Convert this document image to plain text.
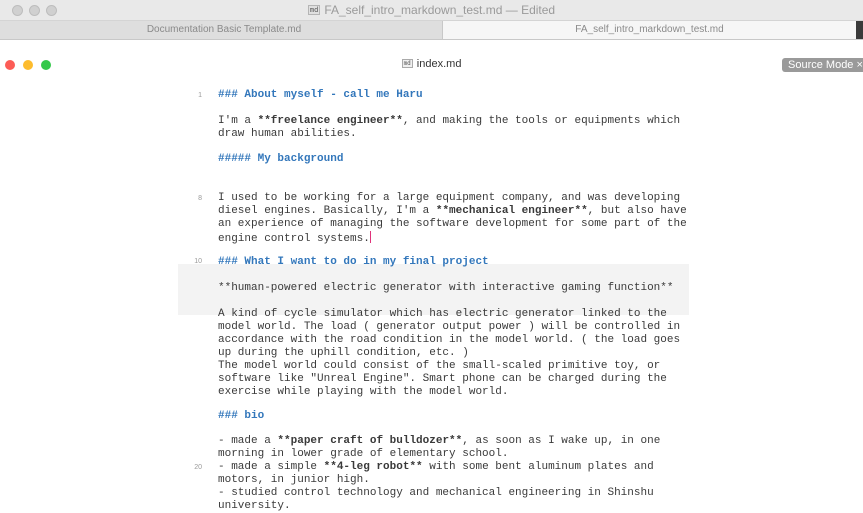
md FA_self_intro_markdown_test.md — Edited
Documentation Basic Template.md	FA_self_intro_markdown_test.md
md index.md	Source Mode ×
1
8
10
20
### About myself - call me Haru
I'm a **freelance engineer**, and making the tools or equipments which
draw human abilities.
##### My background
I used to be working for a large equipment company, and was developing
diesel engines. Basically, I'm a **mechanical engineer**, but also have
an experience of managing the software development for some part of the
engine control systems.
### What I want to do in my final project
**human-powered electric generator with interactive gaming function**
A kind of cycle simulator which has electric generator linked to the
model world. The load ( generator output power ) will be controlled in
accordance with the road condition in the model world. ( the load goes
up during the uphill condition, etc. )
The model world could consist of the small-scaled primitive toy, or
software like "Unreal Engine". Smart phone can be charged during the
exercise while playing with the model world.
### bio
- made a **paper craft of bulldozer**, as soon as I wake up, in one
morning in lower grade of elementary school.
- made a simple **4-leg robot** with some bent aluminum plates and
motors, in junior high.
- studied control technology and mechanical engineering in Shinshu
university.
